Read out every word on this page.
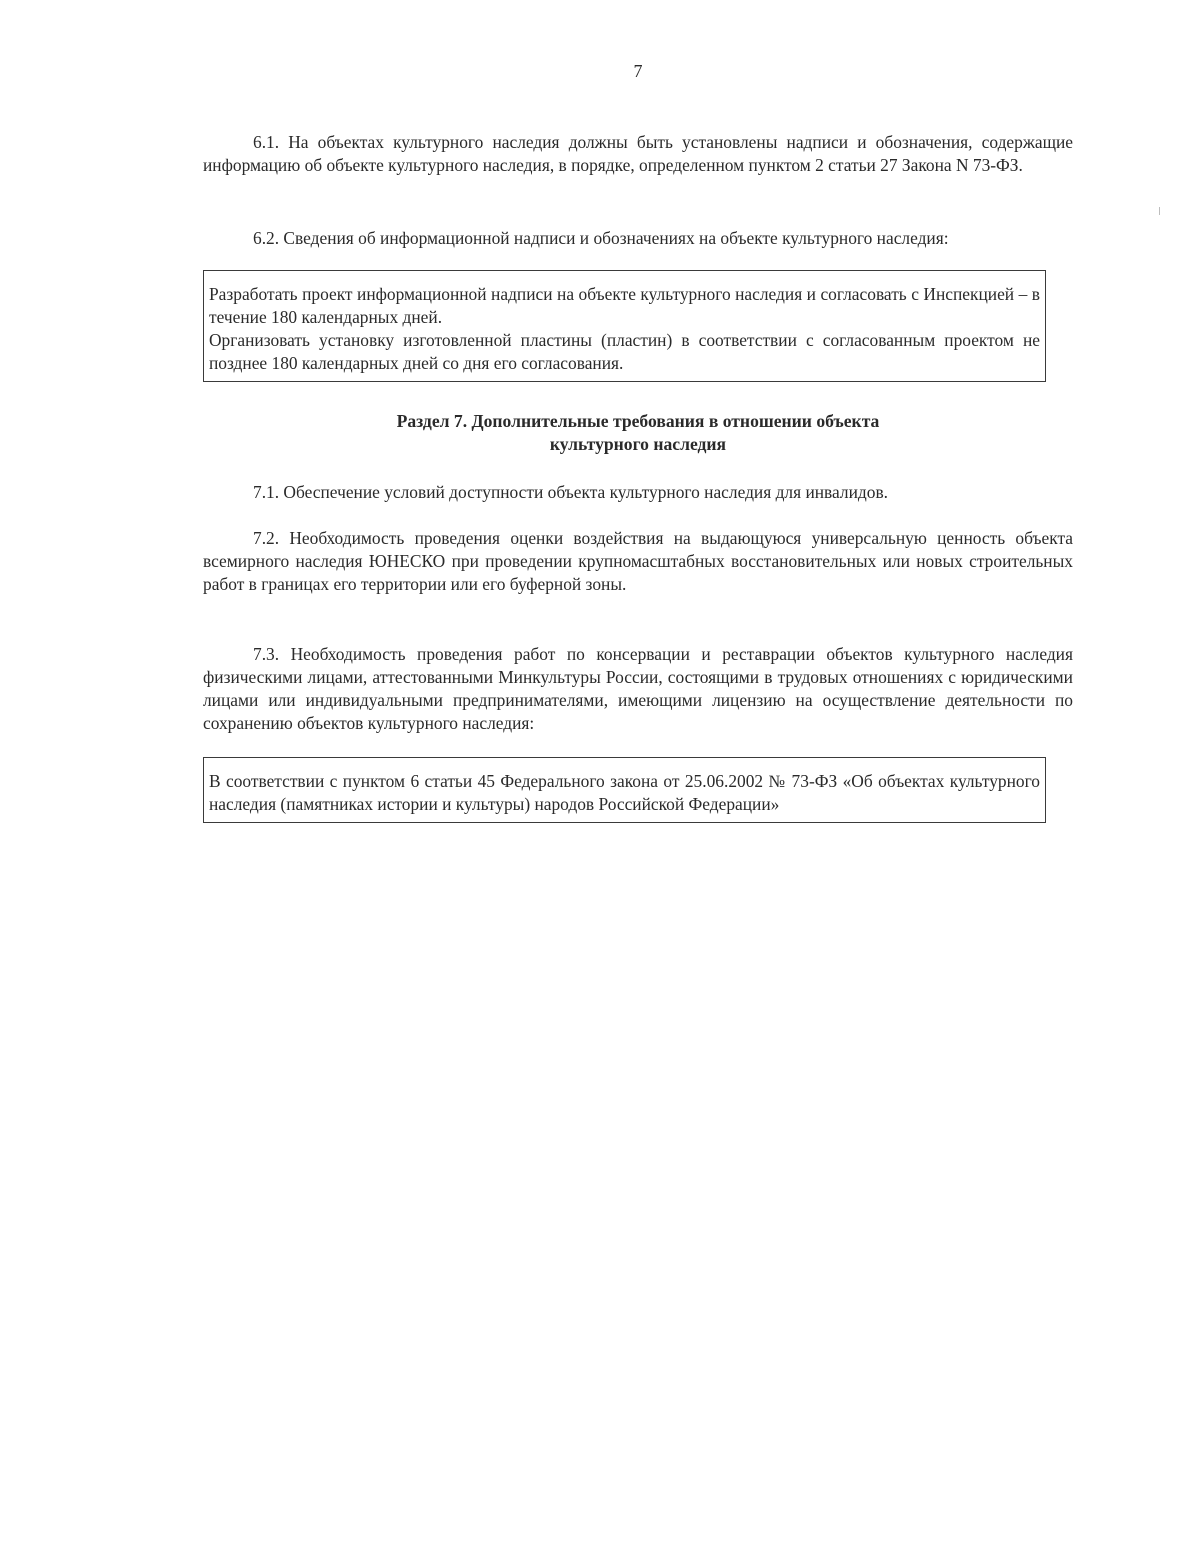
7

6.1. На объектах культурного наследия должны быть установлены надписи и обозначения, содержащие информацию об объекте культурного наследия, в порядке, определенном пунктом 2 статьи 27 Закона N 73-ФЗ.

6.2. Сведения об информационной надписи и обозначениях на объекте культурного наследия:

Разработать проект информационной надписи на объекте культурного наследия и согласовать с Инспекцией – в течение 180 календарных дней.

Организовать установку изготовленной пластины (пластин) в соответствии с согласованным проектом не позднее 180 календарных дней со дня его согласования.

Раздел 7. Дополнительные требования в отношении объекта
культурного наследия

7.1. Обеспечение условий доступности объекта культурного наследия для инвалидов.

7.2. Необходимость проведения оценки воздействия на выдающуюся универсальную ценность объекта всемирного наследия ЮНЕСКО при проведении крупномасштабных восстановительных или новых строительных работ в границах его территории или его буферной зоны.

7.3. Необходимость проведения работ по консервации и реставрации объектов культурного наследия физическими лицами, аттестованными Минкультуры России, состоящими в трудовых отношениях с юридическими лицами или индивидуальными предпринимателями, имеющими лицензию на осуществление деятельности по сохранению объектов культурного наследия:

В соответствии с пунктом 6 статьи 45 Федерального закона от 25.06.2002 № 73-ФЗ «Об объектах культурного наследия (памятниках истории и культуры) народов Российской Федерации»
